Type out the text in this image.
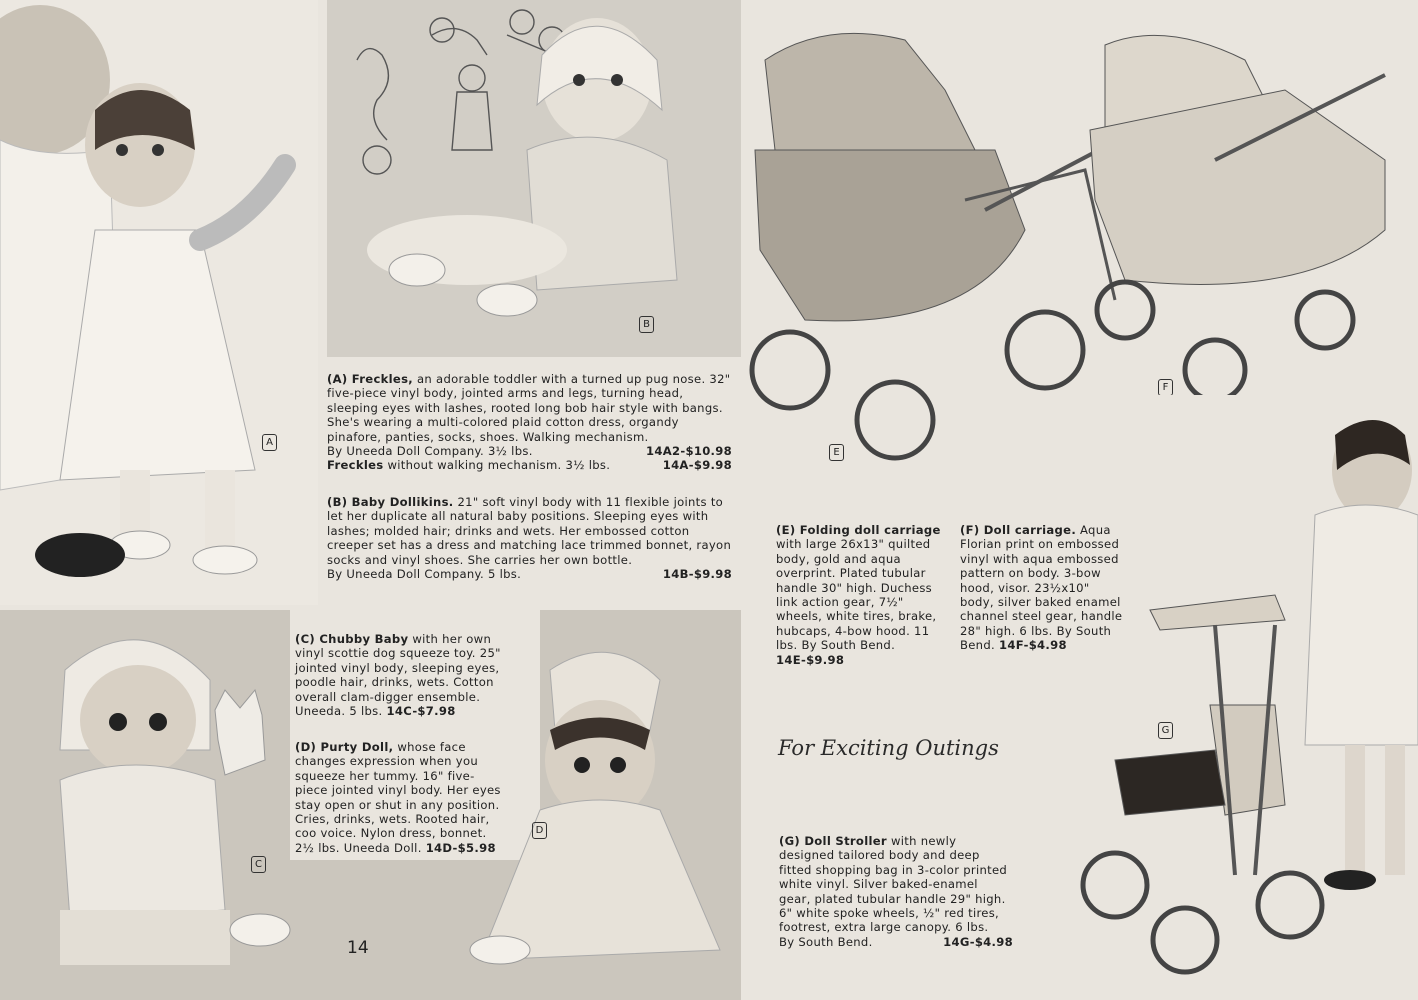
A
B
C
D
E
F
G

(A) Freckles, an adorable toddler with a turned up pug nose. 32" five-piece vinyl body, jointed arms and legs, turning head, sleeping eyes with lashes, rooted long bob hair style with bangs. She's wearing a multi-colored plaid cotton dress, organdy pinafore, panties, socks, shoes. Walking mechanism.

By Uneeda Doll Company. 3½ lbs.	14A2-$10.98
Freckles without walking mechanism. 3½ lbs.	14A-$9.98

(B) Baby Dollikins. 21" soft vinyl body with 11 flexible joints to let her duplicate all natural baby positions. Sleeping eyes with lashes; molded hair; drinks and wets. Her embossed cotton creeper set has a dress and matching lace trimmed bonnet, rayon socks and vinyl shoes. She carries her own bottle.

By Uneeda Doll Company. 5 lbs.	14B-$9.98

(C) Chubby Baby with her own vinyl scottie dog squeeze toy. 25" jointed vinyl body, sleeping eyes, poodle hair, drinks, wets. Cotton overall clam-digger ensemble. Uneeda. 5 lbs. 14C-$7.98

(D) Purty Doll, whose face changes expression when you squeeze her tummy. 16" five-piece jointed vinyl body. Her eyes stay open or shut in any position. Cries, drinks, wets. Rooted hair, coo voice. Nylon dress, bonnet. 2½ lbs. Uneeda Doll. 14D-$5.98

(E) Folding doll carriage with large 26x13" quilted body, gold and aqua overprint. Plated tubular handle 30" high. Duchess link action gear, 7½" wheels, white tires, brake, hubcaps, 4-bow hood. 11 lbs. By South Bend. 14E-$9.98

(F) Doll carriage. Aqua Florian print on embossed vinyl with aqua embossed pattern on body. 3-bow hood, visor. 23½x10" body, silver baked enamel channel steel gear, handle 28" high. 6 lbs. By South Bend. 14F-$4.98

For Exciting Outings

(G) Doll Stroller with newly designed tailored body and deep fitted shopping bag in 3-color printed white vinyl. Silver baked-enamel gear, plated tubular handle 29" high. 6" white spoke wheels, ½" red tires, footrest, extra large canopy. 6 lbs.

By South Bend.	14G-$4.98
14
